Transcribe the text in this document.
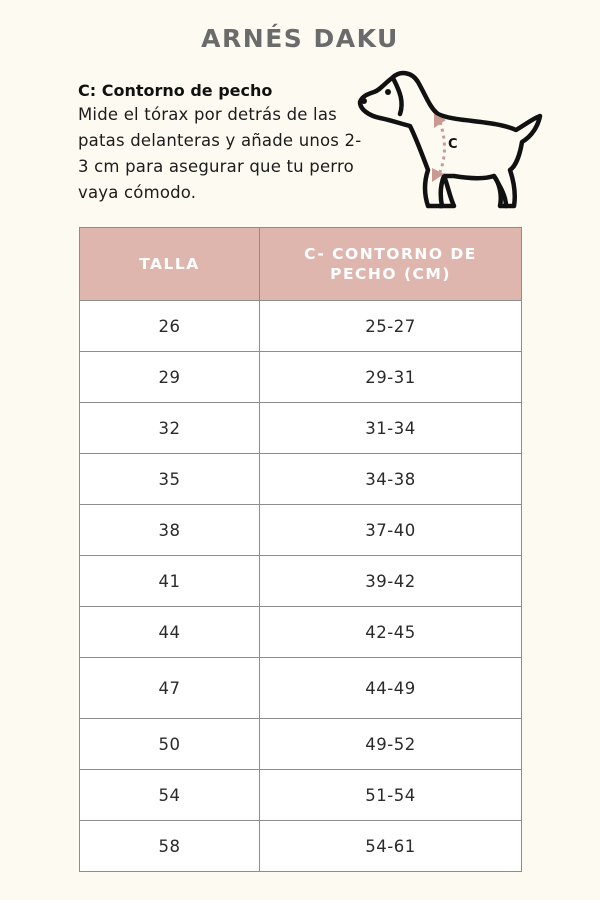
ARNÉS DAKU
C: Contorno de pecho
Mide el tórax por detrás de las patas delanteras y añade unos 2-3 cm para asegurar que tu perro vaya cómodo.
C
TALLA	C- CONTORNO DE PECHO (CM)
26	25-27
29	29-31
32	31-34
35	34-38
38	37-40
41	39-42
44	42-45
47	44-49
50	49-52
54	51-54
58	54-61
